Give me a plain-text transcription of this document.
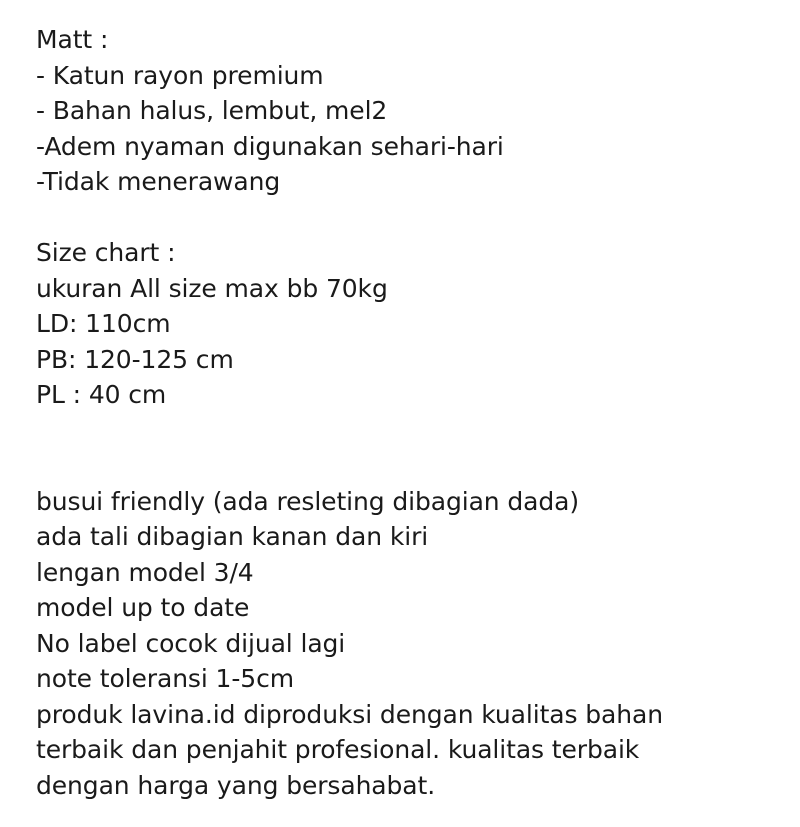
Matt :
- Katun rayon premium
- Bahan halus, lembut, mel2
-Adem nyaman digunakan sehari-hari
-Tidak menerawang
Size chart :
ukuran All size max bb 70kg
LD: 110cm
PB: 120-125 cm
PL : 40 cm
busui friendly (ada resleting dibagian dada)
ada tali dibagian kanan dan kiri
lengan model 3/4
model up to date
No label cocok dijual lagi
note toleransi 1-5cm
produk lavina.id diproduksi dengan kualitas bahan
terbaik dan penjahit profesional. kualitas terbaik
dengan harga yang bersahabat.
